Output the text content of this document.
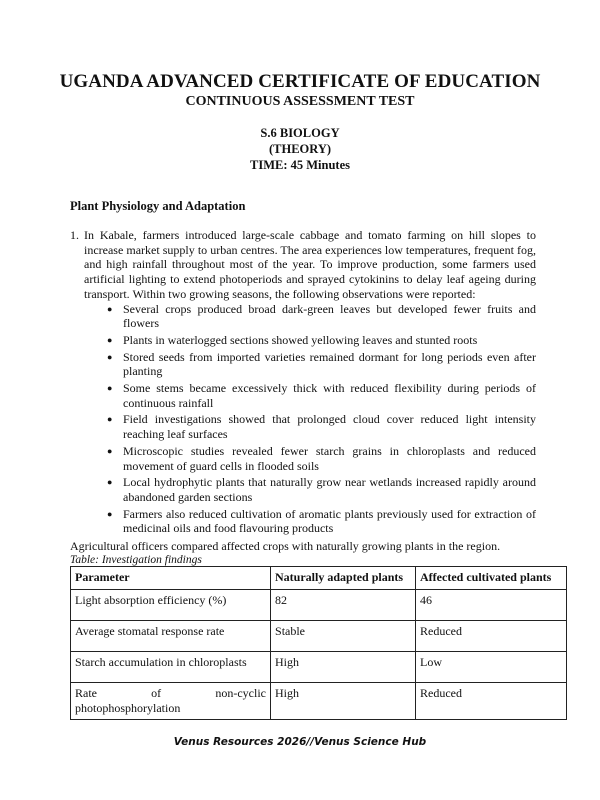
UGANDA ADVANCED CERTIFICATE OF EDUCATION
CONTINUOUS ASSESSMENT TEST
S.6 BIOLOGY
(THEORY)
TIME: 45 Minutes
Plant Physiology and Adaptation
1. In Kabale, farmers introduced large-scale cabbage and tomato farming on hill slopes to increase market supply to urban centres. The area experiences low temperatures, frequent fog, and high rainfall throughout most of the year. To improve production, some farmers used artificial lighting to extend photoperiods and sprayed cytokinins to delay leaf ageing during transport. Within two growing seasons, the following observations were reported:
● Several crops produced broad dark-green leaves but developed fewer fruits and flowers
● Plants in waterlogged sections showed yellowing leaves and stunted roots
● Stored seeds from imported varieties remained dormant for long periods even after planting
● Some stems became excessively thick with reduced flexibility during periods of continuous rainfall
● Field investigations showed that prolonged cloud cover reduced light intensity reaching leaf surfaces
● Microscopic studies revealed fewer starch grains in chloroplasts and reduced movement of guard cells in flooded soils
● Local hydrophytic plants that naturally grow near wetlands increased rapidly around abandoned garden sections
● Farmers also reduced cultivation of aromatic plants previously used for extraction of medicinal oils and food flavouring products
Agricultural officers compared affected crops with naturally growing plants in the region.
Table: Investigation findings
Parameter	Naturally adapted plants	Affected cultivated plants
Light absorption efficiency (%)	82	46
Average stomatal response rate	Stable	Reduced
Starch accumulation in chloroplasts	High	Low

Rate of non-cyclic photophosphorylation	High	Reduced
Venus Resources 2026//Venus Science Hub
